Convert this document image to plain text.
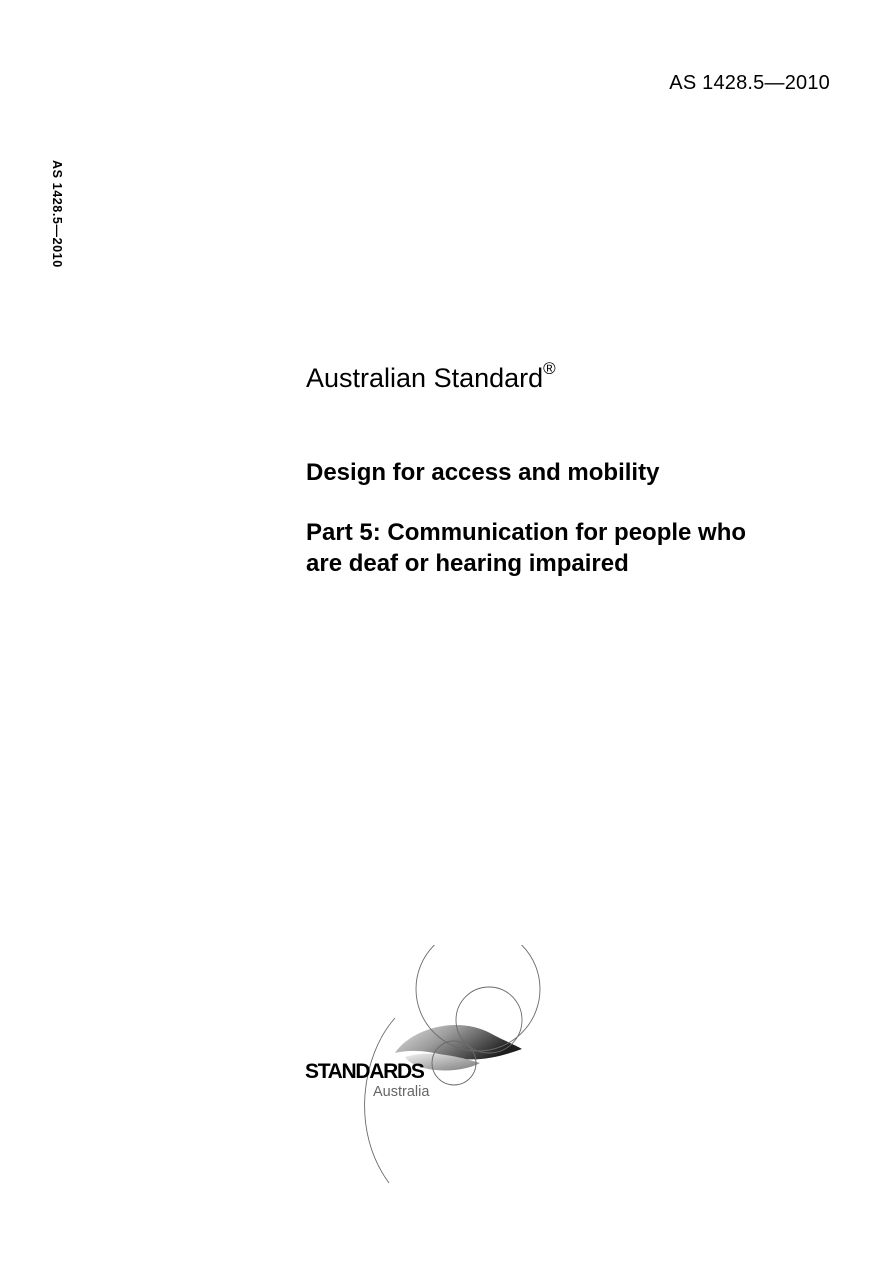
AS 1428.5—2010
AS 1428.5—2010
Australian Standard®
Design for access and mobility
Part 5: Communication for people who
are deaf or hearing impaired
STANDARDS
Australia
